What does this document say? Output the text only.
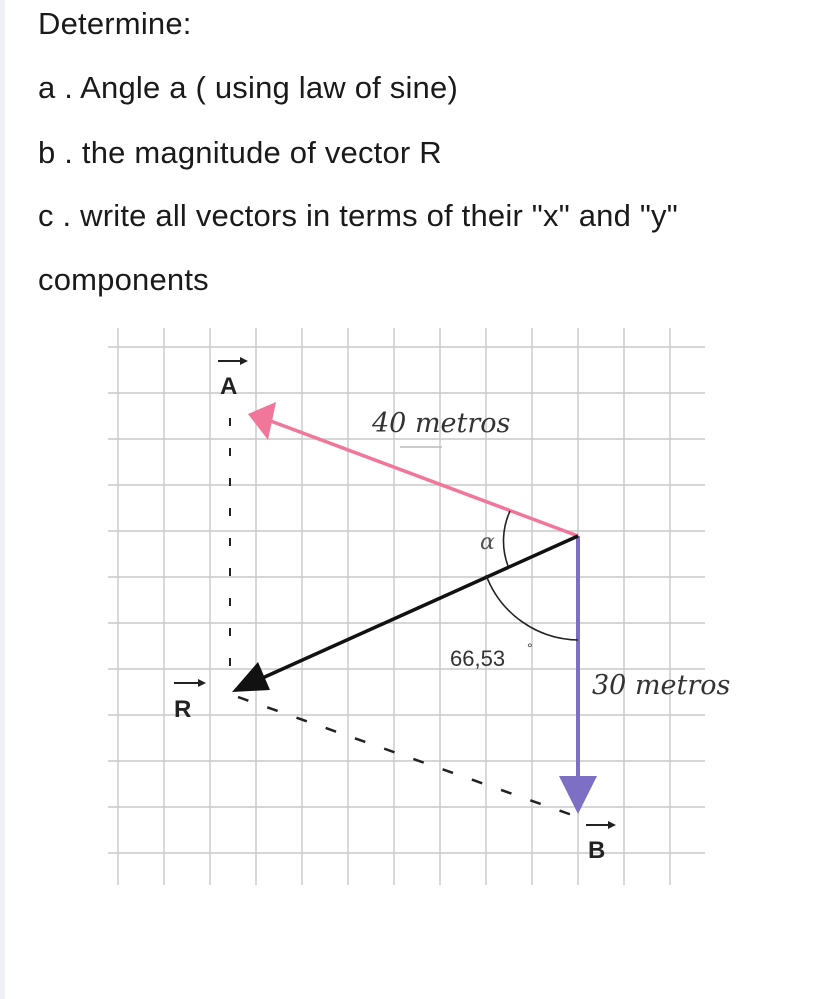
Determine:
a . Angle a ( using law of sine)
b . the magnitude of vector R
c . write all vectors in terms of their "x" and "y"
components
40 metros
30 metros
α
66,53 °
A
R
B
